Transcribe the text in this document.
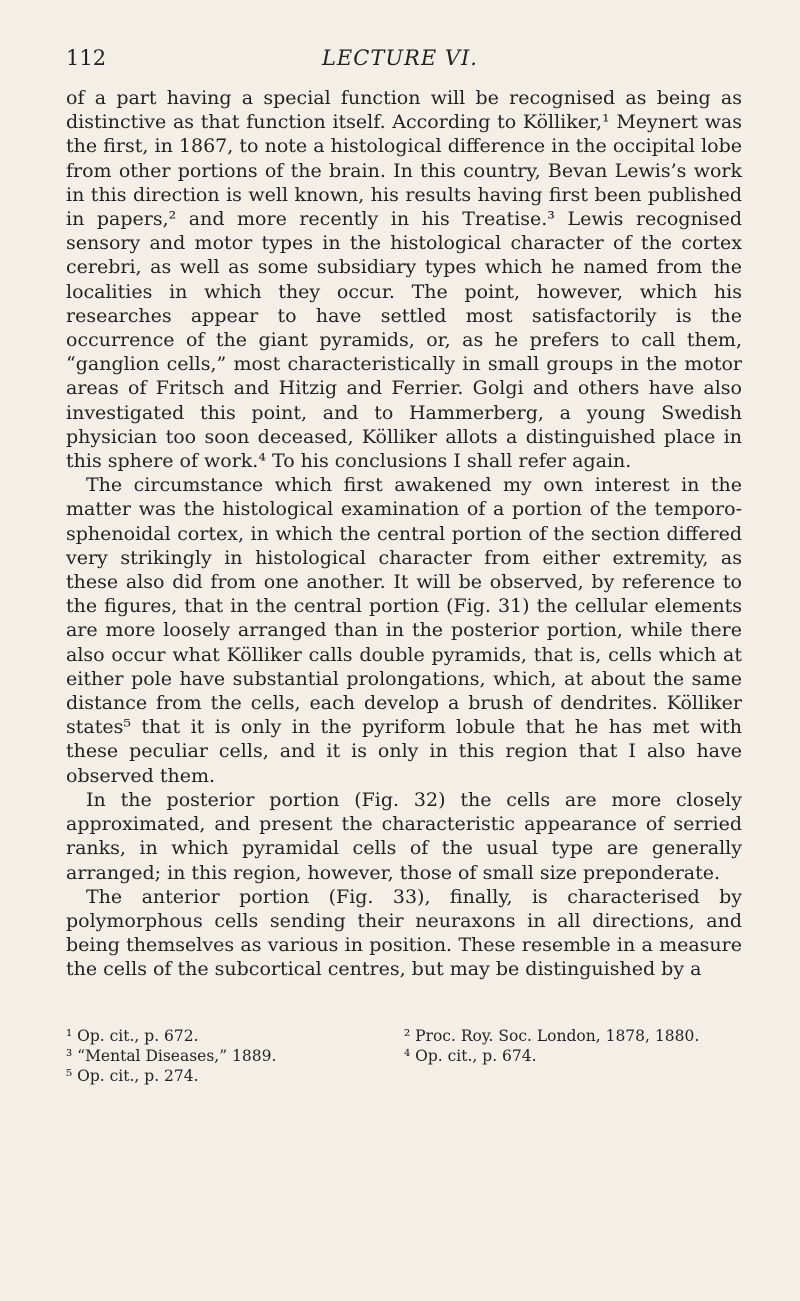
112	LECTURE VI.

of a part having a special function will be recognised as being as distinctive as that function itself. According to Kölliker,¹ Meynert was the first, in 1867, to note a histological difference in the occipital lobe from other portions of the brain. In this country, Bevan Lewis’s work in this direction is well known, his results having first been published in papers,² and more recently in his Treatise.³ Lewis recognised sensory and motor types in the histological character of the cortex cerebri, as well as some subsidiary types which he named from the localities in which they occur. The point, however, which his researches appear to have settled most satisfactorily is the occurrence of the giant pyramids, or, as he prefers to call them, “ganglion cells,” most characteristically in small groups in the motor areas of Fritsch and Hitzig and Ferrier. Golgi and others have also investigated this point, and to Hammerberg, a young Swedish physician too soon deceased, Kölliker allots a distinguished place in this sphere of work.⁴ To his conclusions I shall refer again.

The circumstance which first awakened my own interest in the matter was the histological examination of a portion of the temporo-sphenoidal cortex, in which the central portion of the section differed very strikingly in histological character from either extremity, as these also did from one another. It will be observed, by reference to the figures, that in the central portion (Fig. 31) the cellular elements are more loosely arranged than in the posterior portion, while there also occur what Kölliker calls double pyramids, that is, cells which at either pole have substantial prolongations, which, at about the same distance from the cells, each develop a brush of dendrites. Kölliker states⁵ that it is only in the pyriform lobule that he has met with these peculiar cells, and it is only in this region that I also have observed them.

In the posterior portion (Fig. 32) the cells are more closely approximated, and present the characteristic appearance of serried ranks, in which pyramidal cells of the usual type are generally arranged; in this region, however, those of small size preponderate.

The anterior portion (Fig. 33), finally, is characterised by polymorphous cells sending their neuraxons in all directions, and being themselves as various in position. These resemble in a measure the cells of the subcortical centres, but may be distinguished by a

¹ Op. cit., p. 672.	² Proc. Roy. Soc. London, 1878, 1880.
³ “Mental Diseases,” 1889.	⁴ Op. cit., p. 674.
⁵ Op. cit., p. 274.
